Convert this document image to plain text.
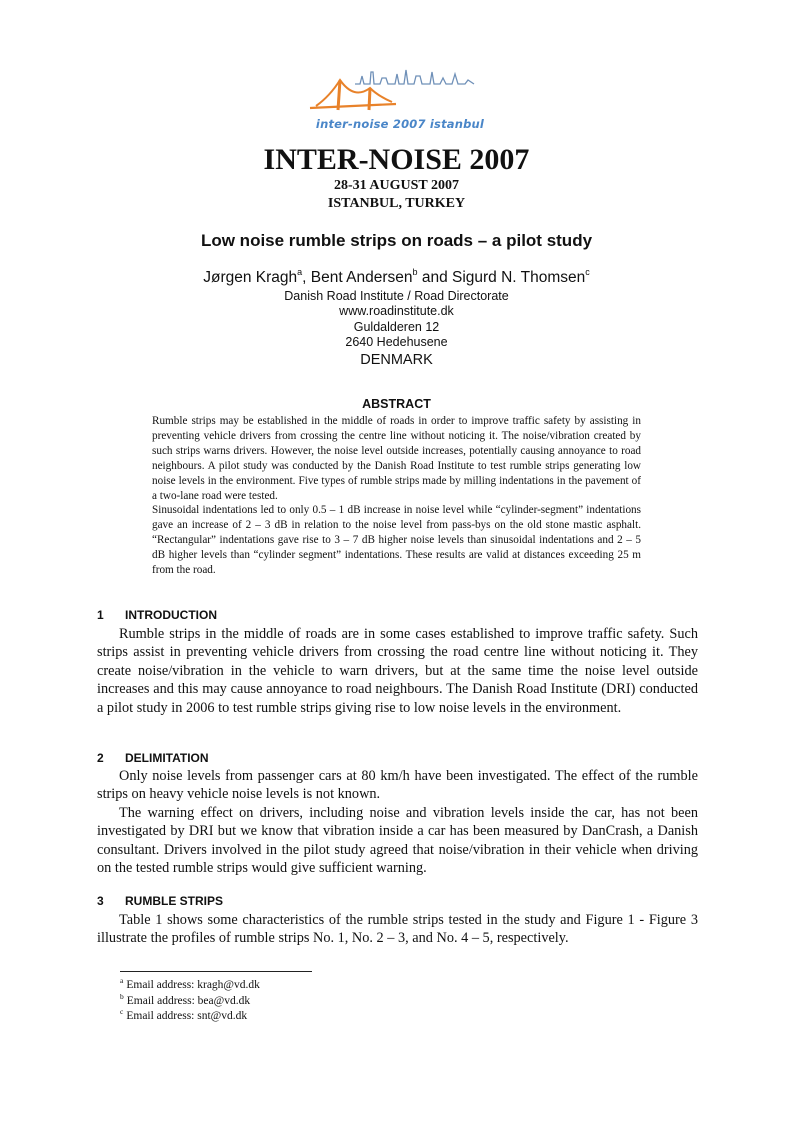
inter-noise 2007 istanbul
INTER-NOISE 2007
28-31 AUGUST 2007
ISTANBUL, TURKEY
Low noise rumble strips on roads – a pilot study
Jørgen Kragh$^a$, Bent Andersen$^b$ and Sigurd N. Thomsen$^c$
Danish Road Institute / Road Directorate
www.roadinstitute.dk
Guldalderen 12
2640 Hedehusene
DENMARK
ABSTRACT

Rumble strips may be established in the middle of roads in order to improve traffic safety by assisting in preventing vehicle drivers from crossing the centre line without noticing it. The noise/vibration created by such strips warns drivers. However, the noise level outside increases, potentially causing annoyance to road neighbours. A pilot study was conducted by the Danish Road Institute to test rumble strips generating low noise levels in the environment. Five types of rumble strips made by milling indentations in the pavement of a two-lane road were tested.

Sinusoidal indentations led to only 0.5 – 1 dB increase in noise level while “cylinder-segment” indentations gave an increase of 2 – 3 dB in relation to the noise level from pass-bys on the old stone mastic asphalt. “Rectangular” indentations gave rise to 3 – 7 dB higher noise levels than sinusoidal indentations and 2 – 5 dB higher levels than “cylinder segment” indentations. These results are valid at distances exceeding 25 m from the road.

1 INTRODUCTION

Rumble strips in the middle of roads are in some cases established to improve traffic safety. Such strips assist in preventing vehicle drivers from crossing the road centre line without noticing it. They create noise/vibration in the vehicle to warn drivers, but at the same time the noise level outside increases and this may cause annoyance to road neighbours. The Danish Road Institute (DRI) conducted a pilot study in 2006 to test rumble strips giving rise to low noise levels in the environment.

2 DELIMITATION

Only noise levels from passenger cars at 80 km/h have been investigated. The effect of the rumble strips on heavy vehicle noise levels is not known.

The warning effect on drivers, including noise and vibration levels inside the car, has not been investigated by DRI but we know that vibration inside a car has been measured by DanCrash, a Danish consultant. Drivers involved in the pilot study agreed that noise/vibration in their vehicle when driving on the tested rumble strips would give sufficient warning.

3 RUMBLE STRIPS

Table 1 shows some characteristics of the rumble strips tested in the study and Figure 1 - Figure 3 illustrate the profiles of rumble strips No. 1, No. 2 – 3, and No. 4 – 5, respectively.

$^a$ Email address: kragh@vd.dk
$^b$ Email address: bea@vd.dk
$^c$ Email address: snt@vd.dk
